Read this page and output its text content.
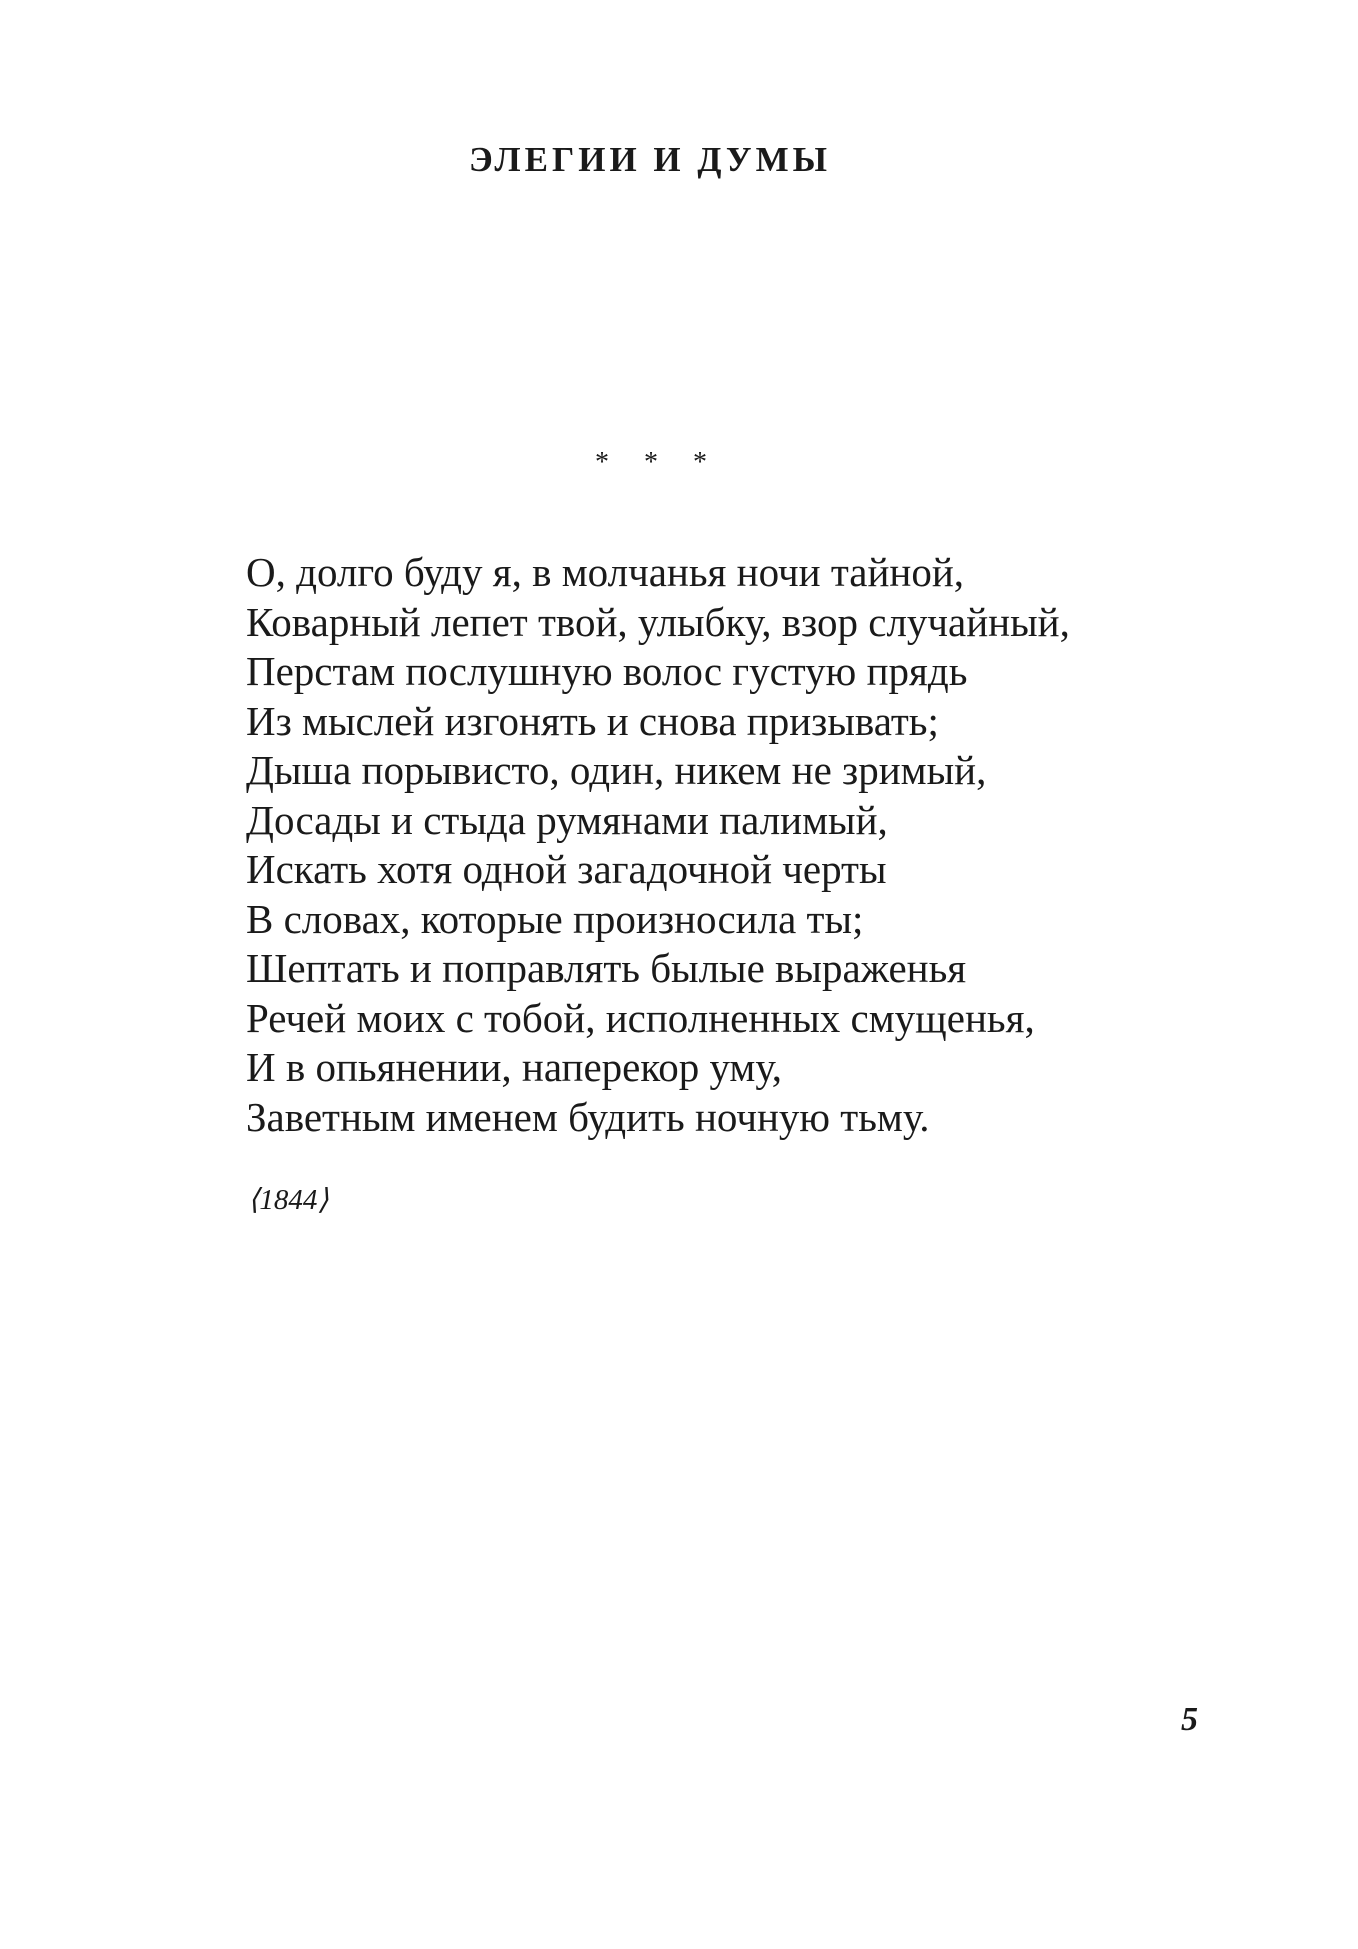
ЭЛЕГИИ И ДУМЫ
* * *
О, долго буду я, в молчанья ночи тайной,
Коварный лепет твой, улыбку, взор случайный,
Перстам послушную волос густую прядь
Из мыслей изгонять и снова призывать;
Дыша порывисто, один, никем не зримый,
Досады и стыда румянами палимый,
Искать хотя одной загадочной черты
В словах, которые произносила ты;
Шептать и поправлять былые выраженья
Речей моих с тобой, исполненных смущенья,
И в опьянении, наперекор уму,
Заветным именем будить ночную тьму.
⟨1844⟩
5
